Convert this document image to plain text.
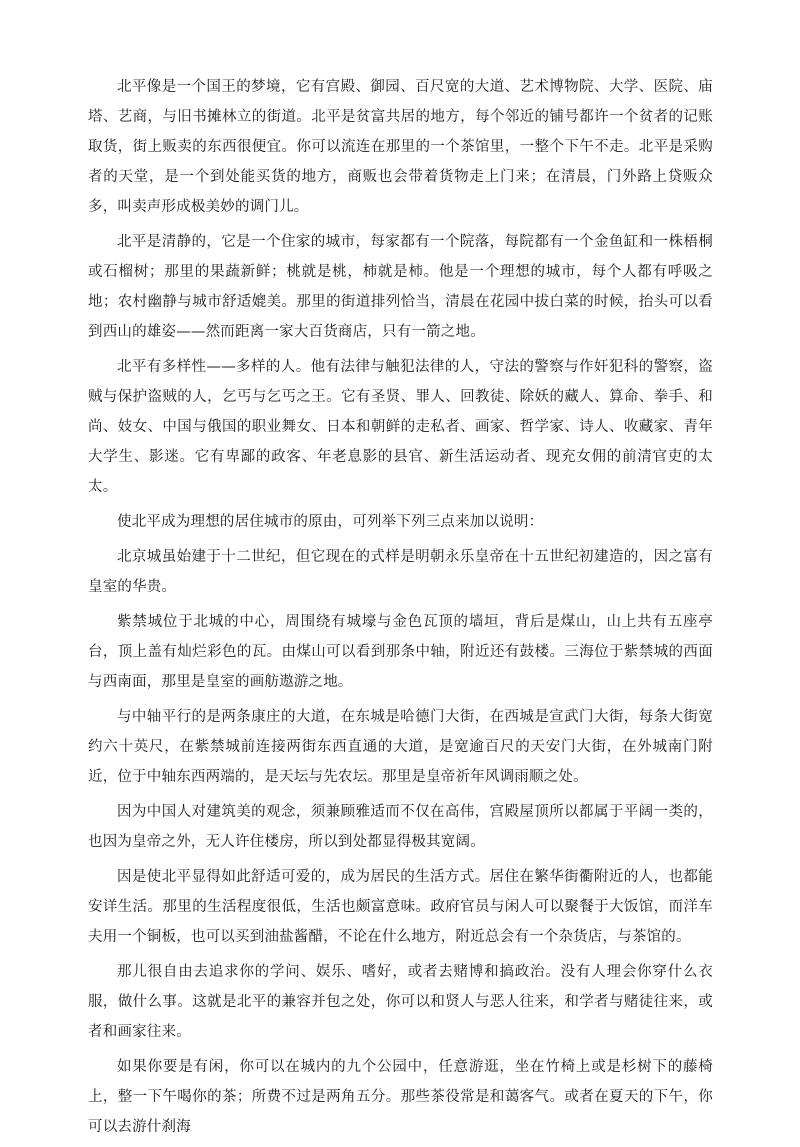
北平像是一个国王的梦境，它有宫殿、御园、百尺宽的大道、艺术博物院、大学、医院、庙塔、艺商，与旧书摊林立的街道。北平是贫富共居的地方，每个邻近的铺号都许一个贫者的记账取货，街上贩卖的东西很便宜。你可以流连在那里的一个茶馆里，一整个下午不走。北平是采购者的天堂，是一个到处能买货的地方，商贩也会带着货物走上门来；在清晨，门外路上贷贩众多，叫卖声形成极美妙的调门儿。

北平是清静的，它是一个住家的城市，每家都有一个院落，每院都有一个金鱼缸和一株梧桐或石榴树；那里的果蔬新鲜；桃就是桃，柿就是柿。他是一个理想的城市，每个人都有呼吸之地；农村幽静与城市舒适媲美。那里的街道排列恰当，清晨在花园中拔白菜的时候，抬头可以看到西山的雄姿——然而距离一家大百货商店，只有一箭之地。

北平有多样性——多样的人。他有法律与触犯法律的人，守法的警察与作奸犯科的警察，盗贼与保护盗贼的人，乞丐与乞丐之王。它有圣贤、罪人、回教徒、除妖的藏人、算命、拳手、和尚、妓女、中国与俄国的职业舞女、日本和朝鲜的走私者、画家、哲学家、诗人、收藏家、青年大学生、影迷。它有卑鄙的政客、年老息影的县官、新生活运动者、现充女佣的前清官吏的太太。

使北平成为理想的居住城市的原由，可列举下列三点来加以说明：

北京城虽始建于十二世纪，但它现在的式样是明朝永乐皇帝在十五世纪初建造的，因之富有皇室的华贵。

紫禁城位于北城的中心，周围绕有城壕与金色瓦顶的墙垣，背后是煤山，山上共有五座亭台，顶上盖有灿烂彩色的瓦。由煤山可以看到那条中轴，附近还有鼓楼。三海位于紫禁城的西面与西南面，那里是皇室的画舫遨游之地。

与中轴平行的是两条康庄的大道，在东城是哈德门大街，在西城是宣武门大街，每条大街宽约六十英尺，在紫禁城前连接两街东西直通的大道，是宽逾百尺的天安门大街，在外城南门附近，位于中轴东西两端的，是天坛与先农坛。那里是皇帝祈年风调雨顺之处。

因为中国人对建筑美的观念，须兼顾雅适而不仅在高伟，宫殿屋顶所以都属于平阔一类的，也因为皇帝之外，无人许住楼房，所以到处都显得极其宽阔。

因是使北平显得如此舒适可爱的，成为居民的生活方式。居住在繁华街衢附近的人，也都能安详生活。那里的生活程度很低，生活也颇富意味。政府官员与闲人可以聚餐于大饭馆，而洋车夫用一个铜板，也可以买到油盐酱醋，不论在什么地方，附近总会有一个杂货店，与茶馆的。

那儿很自由去追求你的学问、娱乐、嗜好，或者去赌博和搞政治。没有人理会你穿什么衣服，做什么事。这就是北平的兼容并包之处，你可以和贤人与恶人往来，和学者与赌徒往来，或者和画家往来。

如果你要是有闲，你可以在城内的九个公园中，任意游逛，坐在竹椅上或是杉树下的藤椅上，整一下午喝你的茶；所费不过是两角五分。那些茶役常是和蔼客气。或者在夏天的下午，你可以去游什刹海
